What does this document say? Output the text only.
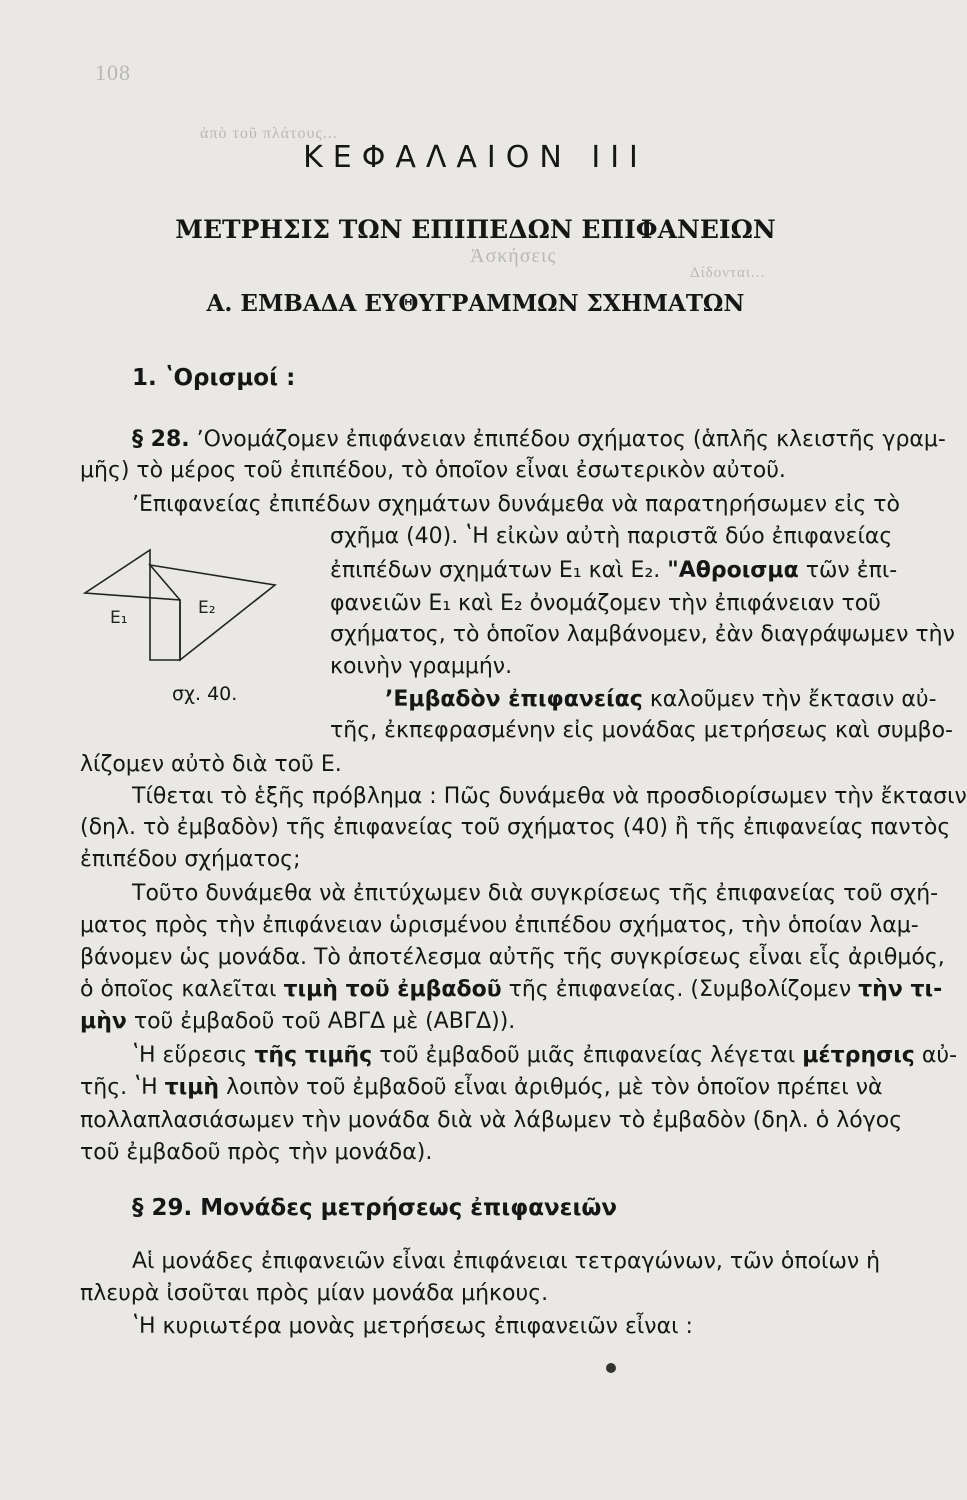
108
ἀπὸ τοῦ πλάτους...
Ἀσκήσεις
Δίδονται...
ΚΕΦΑΛΑΙΟΝ III
ΜΕΤΡΗΣΙΣ ΤΩΝ ΕΠΙΠΕΔΩΝ ΕΠΙΦΑΝΕΙΩΝ
Α. ΕΜΒΑΔΑ ΕΥΘΥΓΡΑΜΜΩΝ ΣΧΗΜΑΤΩΝ
1. ʽΟρισμοί :
§ 28. ʼΟνομάζομεν ἐπιφάνειαν ἐπιπέδου σχήματος (ἁπλῆς κλειστῆς γραμ-
μῆς) τὸ μέρος τοῦ ἐπιπέδου, τὸ ὁποῖον εἶναι ἐσωτερικὸν αὐτοῦ.
ʼΕπιφανείας ἐπιπέδων σχημάτων δυνάμεθα νὰ παρατηρήσωμεν εἰς τὸ
σχῆμα (40). ʽΗ εἰκὼν αὐτὴ παριστᾶ δύο ἐπιφανείας
ἐπιπέδων σχημάτων E₁ καὶ E₂. "Αθροισμα τῶν ἐπι-
φανειῶν E₁ καὶ E₂ ὀνομάζομεν τὴν ἐπιφάνειαν τοῦ
σχήματος, τὸ ὁποῖον λαμβάνομεν, ἐὰν διαγράψωμεν τὴν
κοινὴν γραμμήν.
ʼΕμβαδὸν ἐπιφανείας καλοῦμεν τὴν ἔκτασιν αὐ-
τῆς, ἐκπεφρασμένην εἰς μονάδας μετρήσεως καὶ συμβο-
λίζομεν αὐτὸ διὰ τοῦ E.
E₁	E₂
σχ. 40.
Τίθεται τὸ ἑξῆς πρόβλημα : Πῶς δυνάμεθα νὰ προσδιορίσωμεν τὴν ἔκτασιν
(δηλ. τὸ ἐμβαδὸν) τῆς ἐπιφανείας τοῦ σχήματος (40) ἢ τῆς ἐπιφανείας παντὸς
ἐπιπέδου σχήματος;
Τοῦτο δυνάμεθα νὰ ἐπιτύχωμεν διὰ συγκρίσεως τῆς ἐπιφανείας τοῦ σχή-
ματος πρὸς τὴν ἐπιφάνειαν ὡρισμένου ἐπιπέδου σχήματος, τὴν ὁποίαν λαμ-
βάνομεν ὡς μονάδα. Τὸ ἀποτέλεσμα αὐτῆς τῆς συγκρίσεως εἶναι εἷς ἀριθμός,
ὁ ὁποῖος καλεῖται τιμὴ τοῦ ἐμβαδοῦ τῆς ἐπιφανείας. (Συμβολίζομεν τὴν τι-
μὴν τοῦ ἐμβαδοῦ τοῦ ΑΒΓΔ μὲ (ΑΒΓΔ)).
ʽΗ εὕρεσις τῆς τιμῆς τοῦ ἐμβαδοῦ μιᾶς ἐπιφανείας λέγεται μέτρησις αὐ-
τῆς. ʽΗ τιμὴ λοιπὸν τοῦ ἐμβαδοῦ εἶναι ἀριθμός, μὲ τὸν ὁποῖον πρέπει νὰ
πολλαπλασιάσωμεν τὴν μονάδα διὰ νὰ λάβωμεν τὸ ἐμβαδὸν (δηλ. ὁ λόγος
τοῦ ἐμβαδοῦ πρὸς τὴν μονάδα).
§ 29. Μονάδες μετρήσεως ἐπιφανειῶν
Αἱ μονάδες ἐπιφανειῶν εἶναι ἐπιφάνειαι τετραγώνων, τῶν ὁποίων ἡ
πλευρὰ ἰσοῦται πρὸς μίαν μονάδα μήκους.
ʽΗ κυριωτέρα μονὰς μετρήσεως ἐπιφανειῶν εἶναι :
